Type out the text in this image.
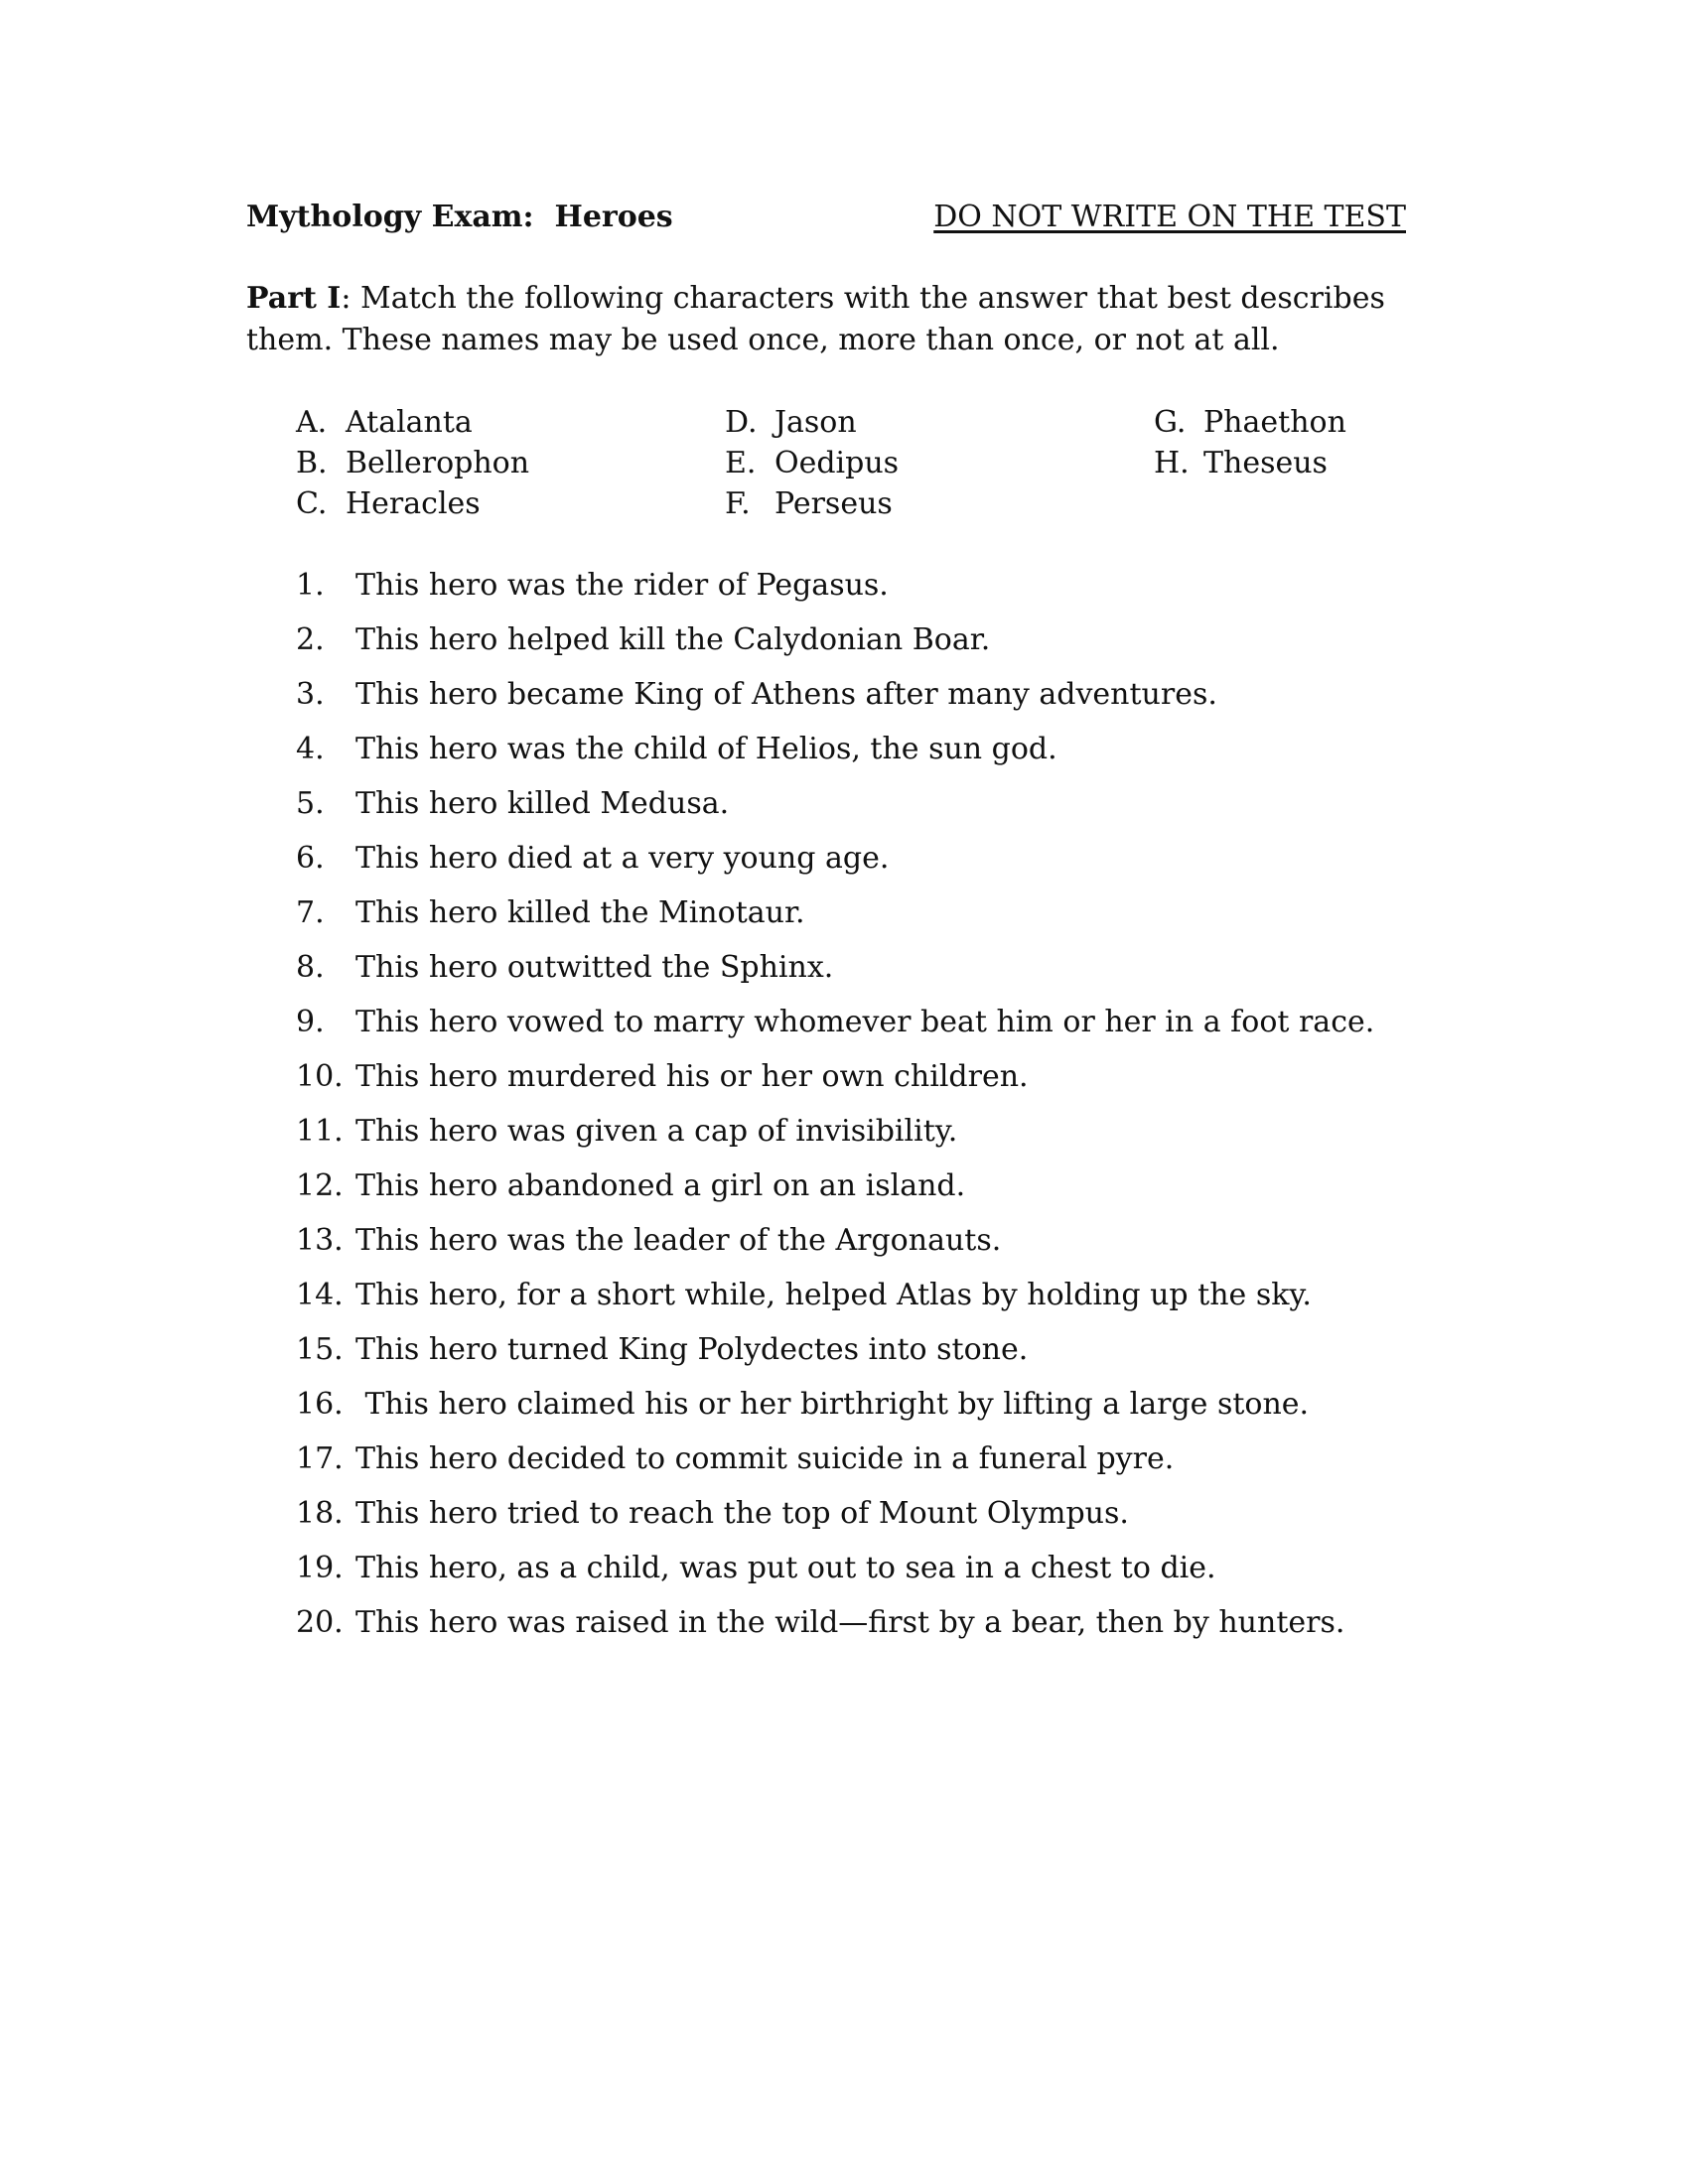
Mythology Exam:  Heroes	DO NOT WRITE ON THE TEST
Part I: Match the following characters with the answer that best describes them. These names may be used once, more than once, or not at all.
A. Atalanta
B. Bellerophon
C. Heracles
D. Jason
E. Oedipus
F. Perseus
G. Phaethon
H. Theseus
1. This hero was the rider of Pegasus.
2. This hero helped kill the Calydonian Boar.
3. This hero became King of Athens after many adventures.
4. This hero was the child of Helios, the sun god.
5. This hero killed Medusa.
6. This hero died at a very young age.
7. This hero killed the Minotaur.
8. This hero outwitted the Sphinx.
9. This hero vowed to marry whomever beat him or her in a foot race.
10. This hero murdered his or her own children.
11. This hero was given a cap of invisibility.
12. This hero abandoned a girl on an island.
13. This hero was the leader of the Argonauts.
14. This hero, for a short while, helped Atlas by holding up the sky.
15. This hero turned King Polydectes into stone.
16. This hero claimed his or her birthright by lifting a large stone.
17. This hero decided to commit suicide in a funeral pyre.
18. This hero tried to reach the top of Mount Olympus.
19. This hero, as a child, was put out to sea in a chest to die.
20. This hero was raised in the wild—first by a bear, then by hunters.
